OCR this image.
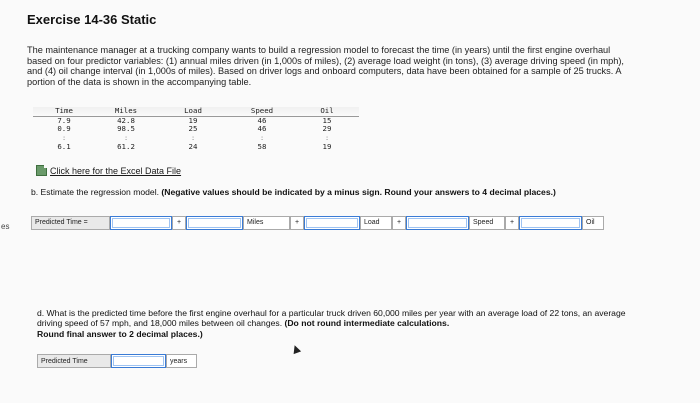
es
Exercise 14-36 Static
The maintenance manager at a trucking company wants to build a regression model to forecast the time (in years) until the first engine overhaul based on four predictor variables: (1) annual miles driven (in 1,000s of miles), (2) average load weight (in tons), (3) average driving speed (in mph), and (4) oil change interval (in 1,000s of miles). Based on driver logs and onboard computers, data have been obtained for a sample of 25 trucks. A portion of the data is shown in the accompanying table.
Time	Miles	Load	Speed	Oil
7.9	42.8	19	46	15
0.9	98.5	25	46	29
:	:	:	:	:
6.1	61.2	24	58	19
Click here for the Excel Data File
b. Estimate the regression model. (Negative values should be indicated by a minus sign. Round your answers to 4 decimal places.)
Predicted Time =	+	Miles	+	Load	+	Speed	+	Oil
d. What is the predicted time before the first engine overhaul for a particular truck driven 60,000 miles per year with an average load of 22 tons, an average driving speed of 57 mph, and 18,000 miles between oil changes. (Do not round intermediate calculations.
Round final answer to 2 decimal places.)
Predicted Time	years
